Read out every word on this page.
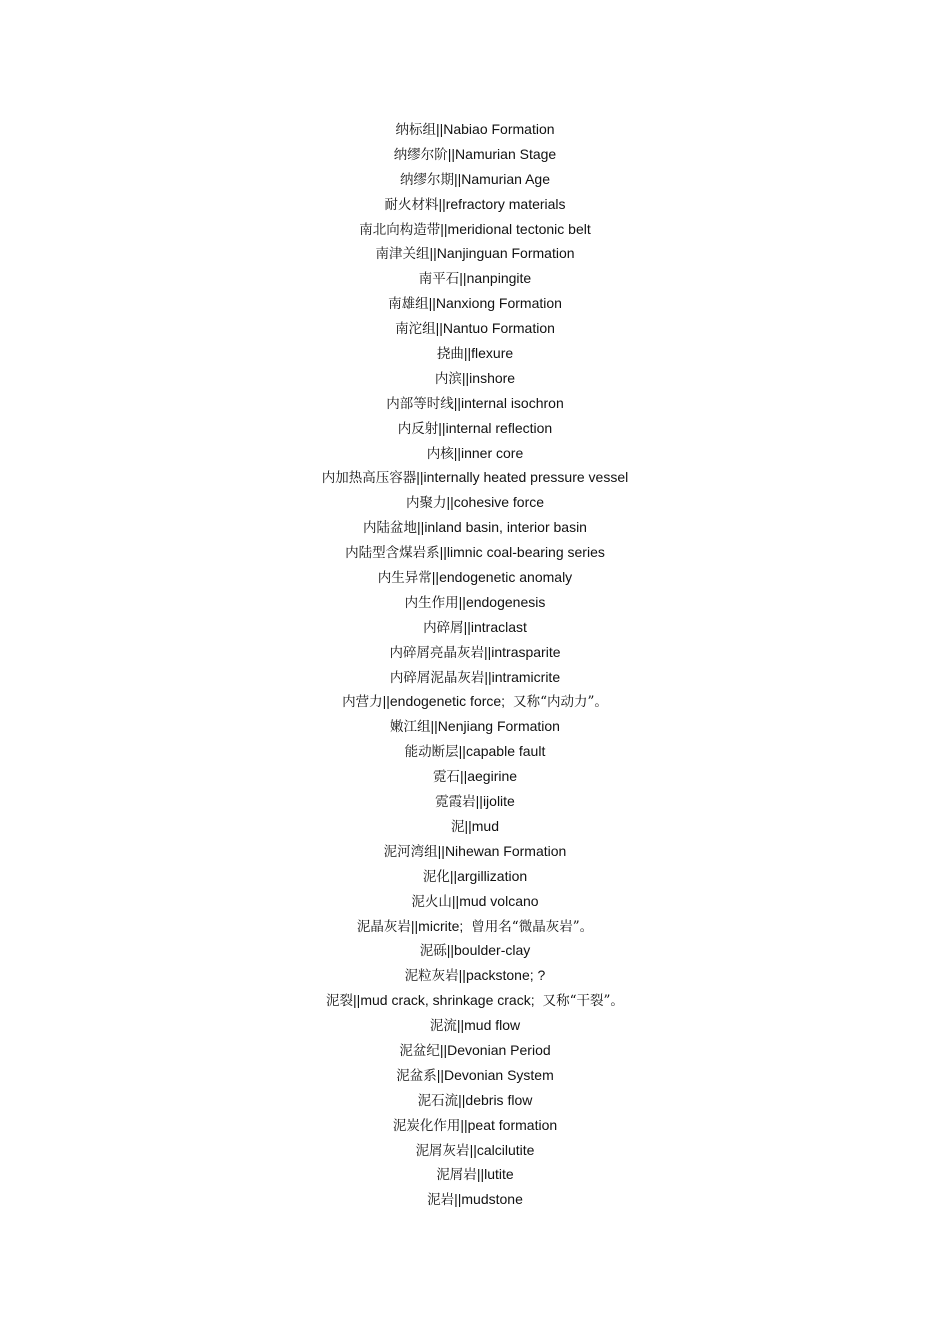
纳标组||Nabiao Formation
纳缪尔阶||Namurian Stage
纳缪尔期||Namurian Age
耐火材料||refractory materials
南北向构造带||meridional tectonic belt
南津关组||Nanjinguan Formation
南平石||nanpingite
南雄组||Nanxiong Formation
南沱组||Nantuo Formation
挠曲||flexure
内滨||inshore
内部等时线||internal isochron
内反射||internal reflection
内核||inner core
内加热高压容器||internally heated pressure vessel
内聚力||cohesive force
内陆盆地||inland basin, interior basin
内陆型含煤岩系||limnic coal-bearing series
内生异常||endogenetic anomaly
内生作用||endogenesis
内碎屑||intraclast
内碎屑亮晶灰岩||intrasparite
内碎屑泥晶灰岩||intramicrite
内营力||endogenetic force; 又称“内动力”。
嫩江组||Nenjiang Formation
能动断层||capable fault
霓石||aegirine
霓霞岩||ijolite
泥||mud
泥河湾组||Nihewan Formation
泥化||argillization
泥火山||mud volcano
泥晶灰岩||micrite; 曾用名“微晶灰岩”。
泥砾||boulder-clay
泥粒灰岩||packstone; ?
泥裂||mud crack, shrinkage crack; 又称“干裂”。
泥流||mud flow
泥盆纪||Devonian Period
泥盆系||Devonian System
泥石流||debris flow
泥炭化作用||peat formation
泥屑灰岩||calcilutite
泥屑岩||lutite
泥岩||mudstone
